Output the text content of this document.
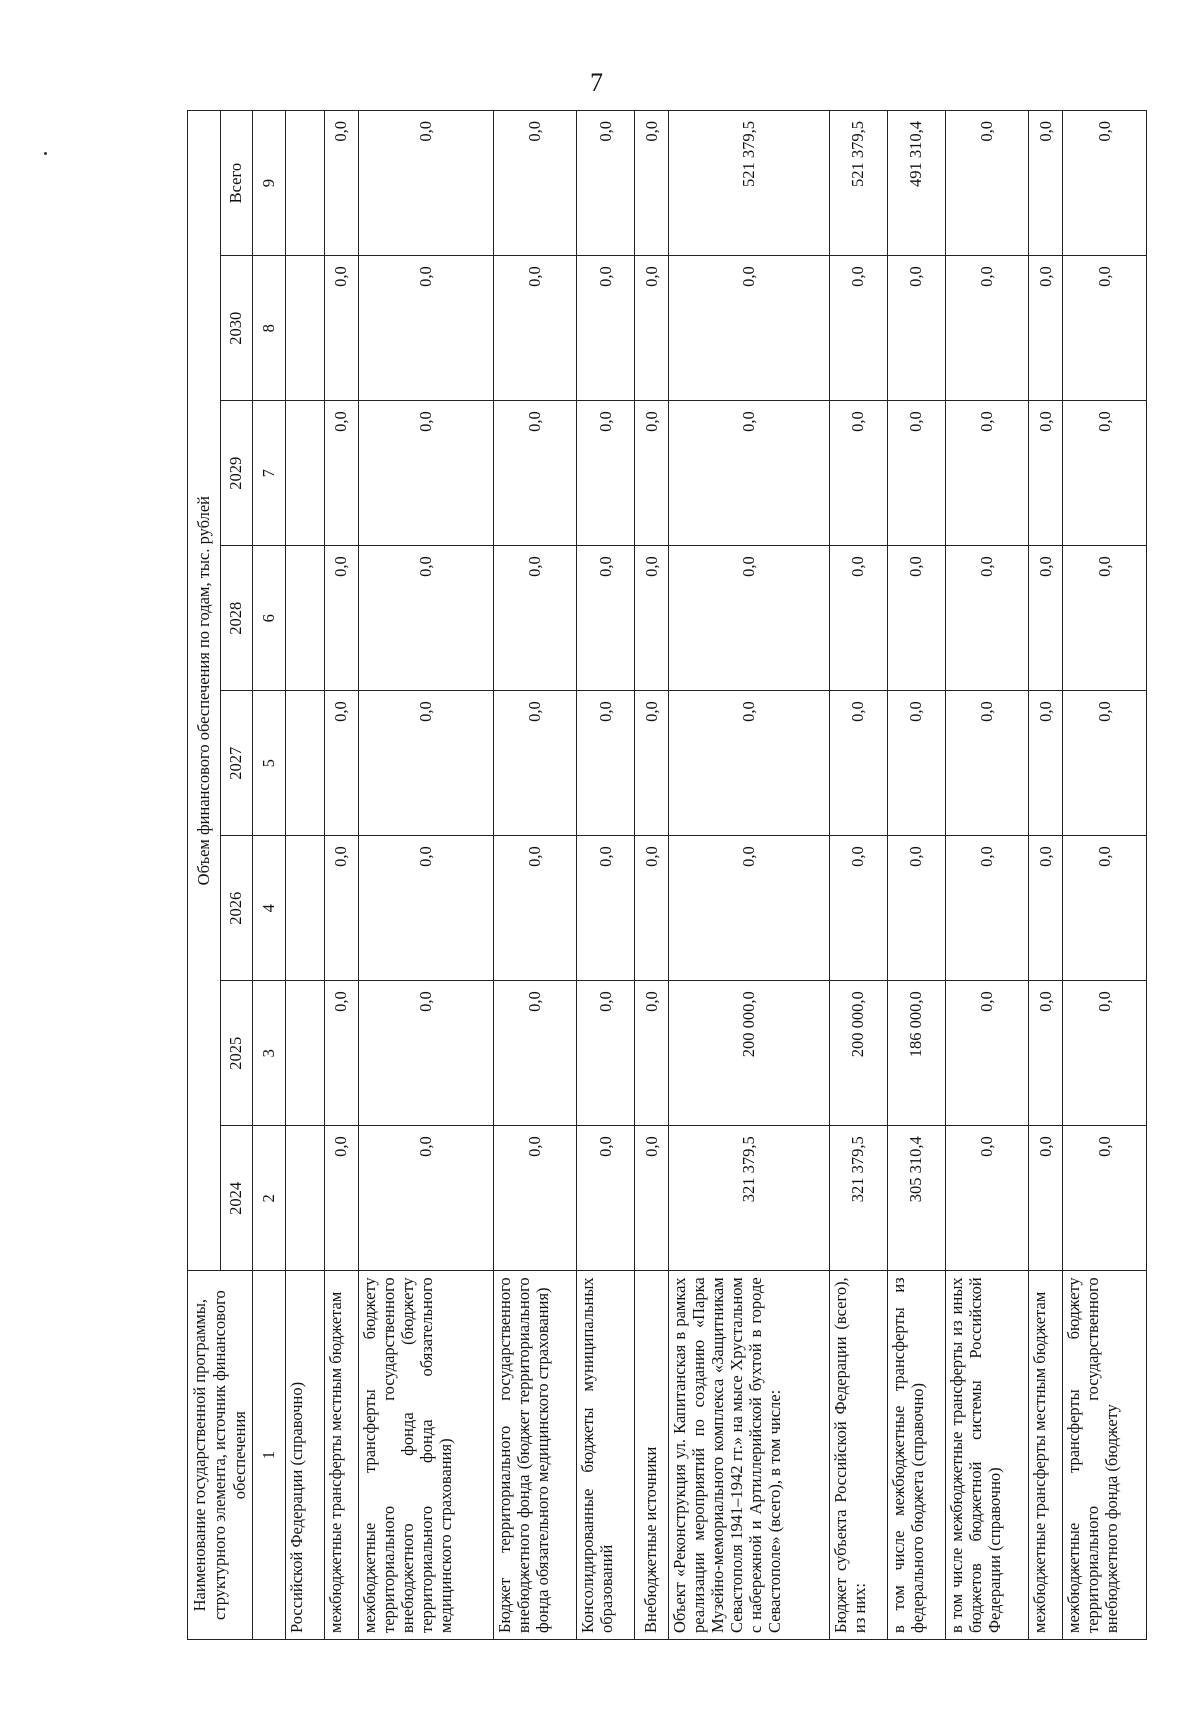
7
Наименование государственной программы, структурного элемента, источник финансового обеспечения	Объем финансового обеспечения по годам, тыс. рублей							
	2024	2025	2026	2027	2028	2029	2030	Всего
1	2	3	4	5	6	7	8	9
Российской Федерации (справочно)								
межбюджетные трансферты местным бюджетам	0,0	0,0	0,0	0,0	0,0	0,0	0,0	0,0
межбюджетные трансферты бюджету территориального государственного внебюджетного фонда (бюджету территориального фонда обязательного медицинского страхования)	0,0	0,0	0,0	0,0	0,0	0,0	0,0	0,0
Бюджет территориального государственного внебюджетного фонда (бюджет территориального фонда обязательного медицинского страхования)	0,0	0,0	0,0	0,0	0,0	0,0	0,0	0,0
Консолидированные бюджеты муниципальных образований	0,0	0,0	0,0	0,0	0,0	0,0	0,0	0,0
Внебюджетные источники	0,0	0,0	0,0	0,0	0,0	0,0	0,0	0,0
Объект «Реконструкция ул. Капитанская в рамках реализации мероприятий по созданию «Парка Музейно-мемориального комплекса «Защитникам Севастополя 1941–1942 гг.» на мысе Хрустальном с набережной и Артиллерийской бухтой в городе Севастополе» (всего), в том числе:	321 379,5	200 000,0	0,0	0,0	0,0	0,0	0,0	521 379,5
Бюджет субъекта Российской Федерации (всего), из них:	321 379,5	200 000,0	0,0	0,0	0,0	0,0	0,0	521 379,5
в том числе межбюджетные трансферты из федерального бюджета (справочно)	305 310,4	186 000,0	0,0	0,0	0,0	0,0	0,0	491 310,4
в том числе межбюджетные трансферты из иных бюджетов бюджетной системы Российской Федерации (справочно)	0,0	0,0	0,0	0,0	0,0	0,0	0,0	0,0
межбюджетные трансферты местным бюджетам	0,0	0,0	0,0	0,0	0,0	0,0	0,0	0,0
межбюджетные трансферты бюджету территориального государственного внебюджетного фонда (бюджету	0,0	0,0	0,0	0,0	0,0	0,0	0,0	0,0
